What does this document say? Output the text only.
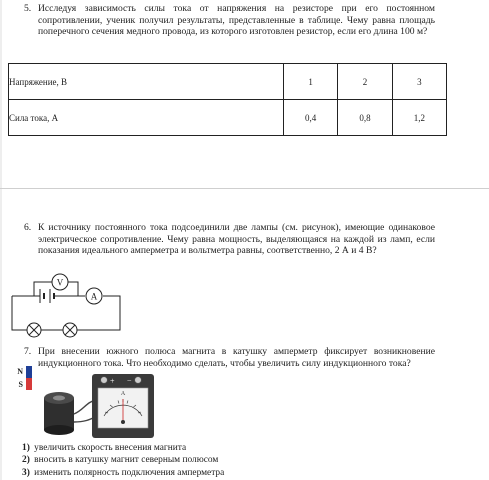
5. Исследуя зависимость силы тока от напряжения на резисторе при его постоянном сопротивлении, ученик получил результаты, представленные в таблице. Чему равна площадь поперечного сечения медного провода, из которого изготовлен резистор, если его длина 100 м?
Напряжение, В	1	2	3
Сила тока, А	0,4	0,8	1,2
6. К источнику постоянного тока подсоединили две лампы (см. рисунок), имеющие одинаковое электрическое сопротивление. Чему равна мощность, выделяющаяся на каждой из ламп, если показания идеального амперметра и вольтметра равны, соответственно, 2 А и 4 В?
V
A
7. При внесении южного полюса магнита в катушку амперметр фиксирует возникновение индукционного тока. Что необходимо сделать, чтобы увеличить силу индукционного тока?
N
S	+ −
А
1) увеличить скорость внесения магнита
2) вносить в катушку магнит северным полюсом
3) изменить полярность подключения амперметра
